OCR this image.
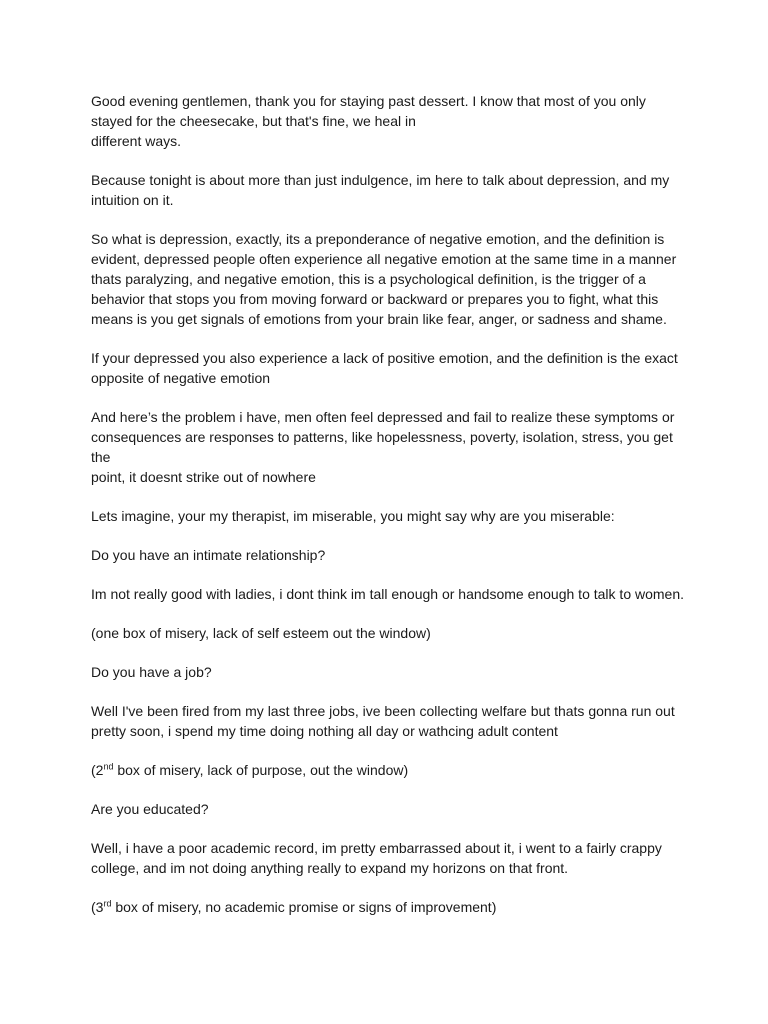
Good evening gentlemen, thank you for staying past dessert. I know that most of you only
stayed for the cheesecake, but that's fine, we heal in
different ways.

Because tonight is about more than just indulgence, im here to talk about depression, and my
intuition on it.

So what is depression, exactly, its a preponderance of negative emotion, and the definition is
evident, depressed people often experience all negative emotion at the same time in a manner
thats paralyzing, and negative emotion, this is a psychological definition, is the trigger of a
behavior that stops you from moving forward or backward or prepares you to fight, what this
means is you get signals of emotions from your brain like fear, anger, or sadness and shame.

If your depressed you also experience a lack of positive emotion, and the definition is the exact
opposite of negative emotion

And here’s the problem i have, men often feel depressed and fail to realize these symptoms or
consequences are responses to patterns, like hopelessness, poverty, isolation, stress, you get the
point, it doesnt strike out of nowhere

Lets imagine, your my therapist, im miserable, you might say why are you miserable:

Do you have an intimate relationship?

Im not really good with ladies, i dont think im tall enough or handsome enough to talk to women.

(one box of misery, lack of self esteem out the window)

Do you have a job?

Well I've been fired from my last three jobs, ive been collecting welfare but thats gonna run out
pretty soon, i spend my time doing nothing all day or wathcing adult content

(2nd box of misery, lack of purpose, out the window)

Are you educated?

Well, i have a poor academic record, im pretty embarrassed about it, i went to a fairly crappy
college, and im not doing anything really to expand my horizons on that front.

(3rd box of misery, no academic promise or signs of improvement)
